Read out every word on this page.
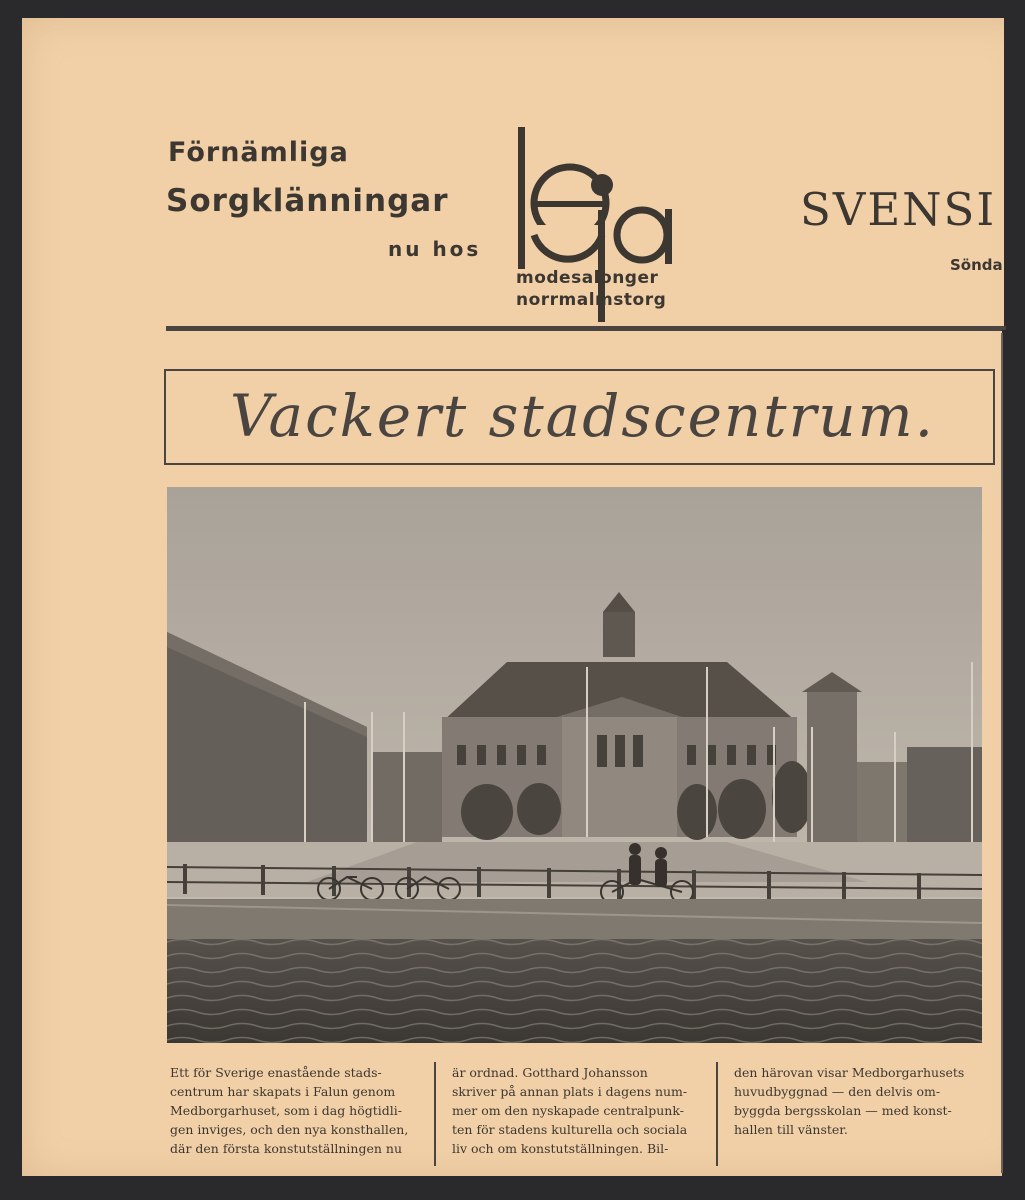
Förnämliga
Sorgklänningar
nu hos
modesalonger
norrmalmstorg
SVENSI
Sönda
Vackert stadscentrum.
Ett för Sverige enastående stads-
centrum har skapats i Falun genom
Medborgarhuset, som i dag högtidli-
gen inviges, och den nya konsthallen,
där den första konstutställningen nu
är ordnad. Gotthard Johansson
skriver på annan plats i dagens num-
mer om den nyskapade centralpunk-
ten för stadens kulturella och sociala
liv och om konstutställningen. Bil-
den härovan visar Medborgarhusets
huvudbyggnad — den delvis om-
byggda bergsskolan — med konst-
hallen till vänster.
